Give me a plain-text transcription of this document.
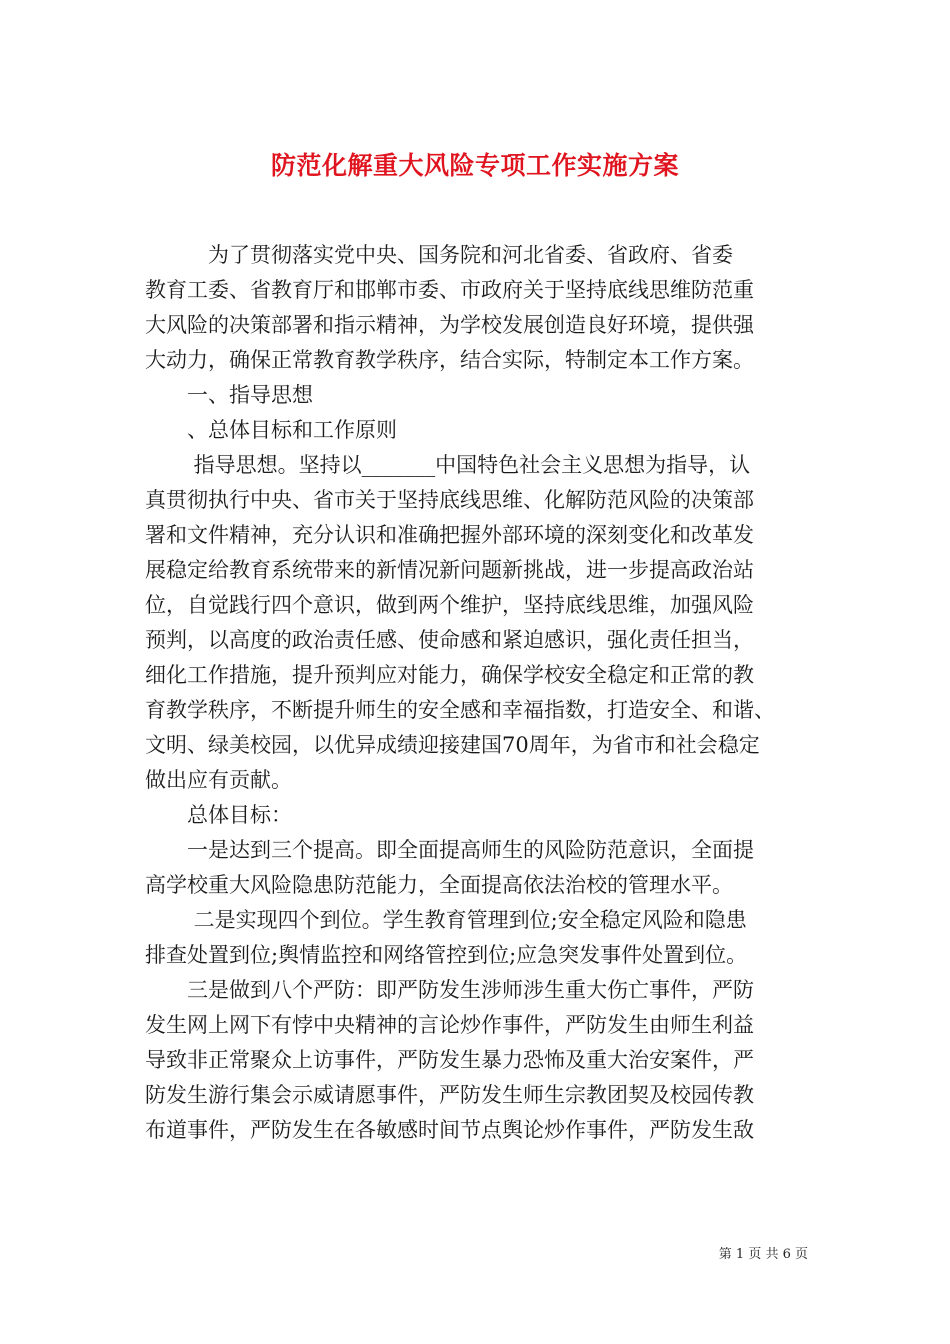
防范化解重大风险专项工作实施方案
　　　为了贯彻落实党中央、国务院和河北省委、省政府、省委
教育工委、省教育厅和邯郸市委、市政府关于坚持底线思维防范重
大风险的决策部署和指示精神，为学校发展创造良好环境，提供强
大动力，确保正常教育教学秩序，结合实际，特制定本工作方案。
　　一、指导思想
　　、总体目标和工作原则
　　 指导思想。坚持以_______中国特色社会主义思想为指导，认
真贯彻执行中央、省市关于坚持底线思维、化解防范风险的决策部
署和文件精神，充分认识和准确把握外部环境的深刻变化和改革发
展稳定给教育系统带来的新情况新问题新挑战，进一步提高政治站
位，自觉践行四个意识，做到两个维护，坚持底线思维，加强风险
预判，以高度的政治责任感、使命感和紧迫感识，强化责任担当，
细化工作措施，提升预判应对能力，确保学校安全稳定和正常的教
育教学秩序，不断提升师生的安全感和幸福指数，打造安全、和谐、
文明、绿美校园，以优异成绩迎接建国70周年，为省市和社会稳定
做出应有贡献。
　　总体目标：
　　一是达到三个提高。即全面提高师生的风险防范意识，全面提
高学校重大风险隐患防范能力，全面提高依法治校的管理水平。
　　 二是实现四个到位。学生教育管理到位;安全稳定风险和隐患
排查处置到位;舆情监控和网络管控到位;应急突发事件处置到位。
　　三是做到八个严防：即严防发生涉师涉生重大伤亡事件，严防
发生网上网下有悖中央精神的言论炒作事件，严防发生由师生利益
导致非正常聚众上访事件，严防发生暴力恐怖及重大治安案件，严
防发生游行集会示威请愿事件，严防发生师生宗教团契及校园传教
布道事件，严防发生在各敏感时间节点舆论炒作事件，严防发生敌
第 1 页 共 6 页
